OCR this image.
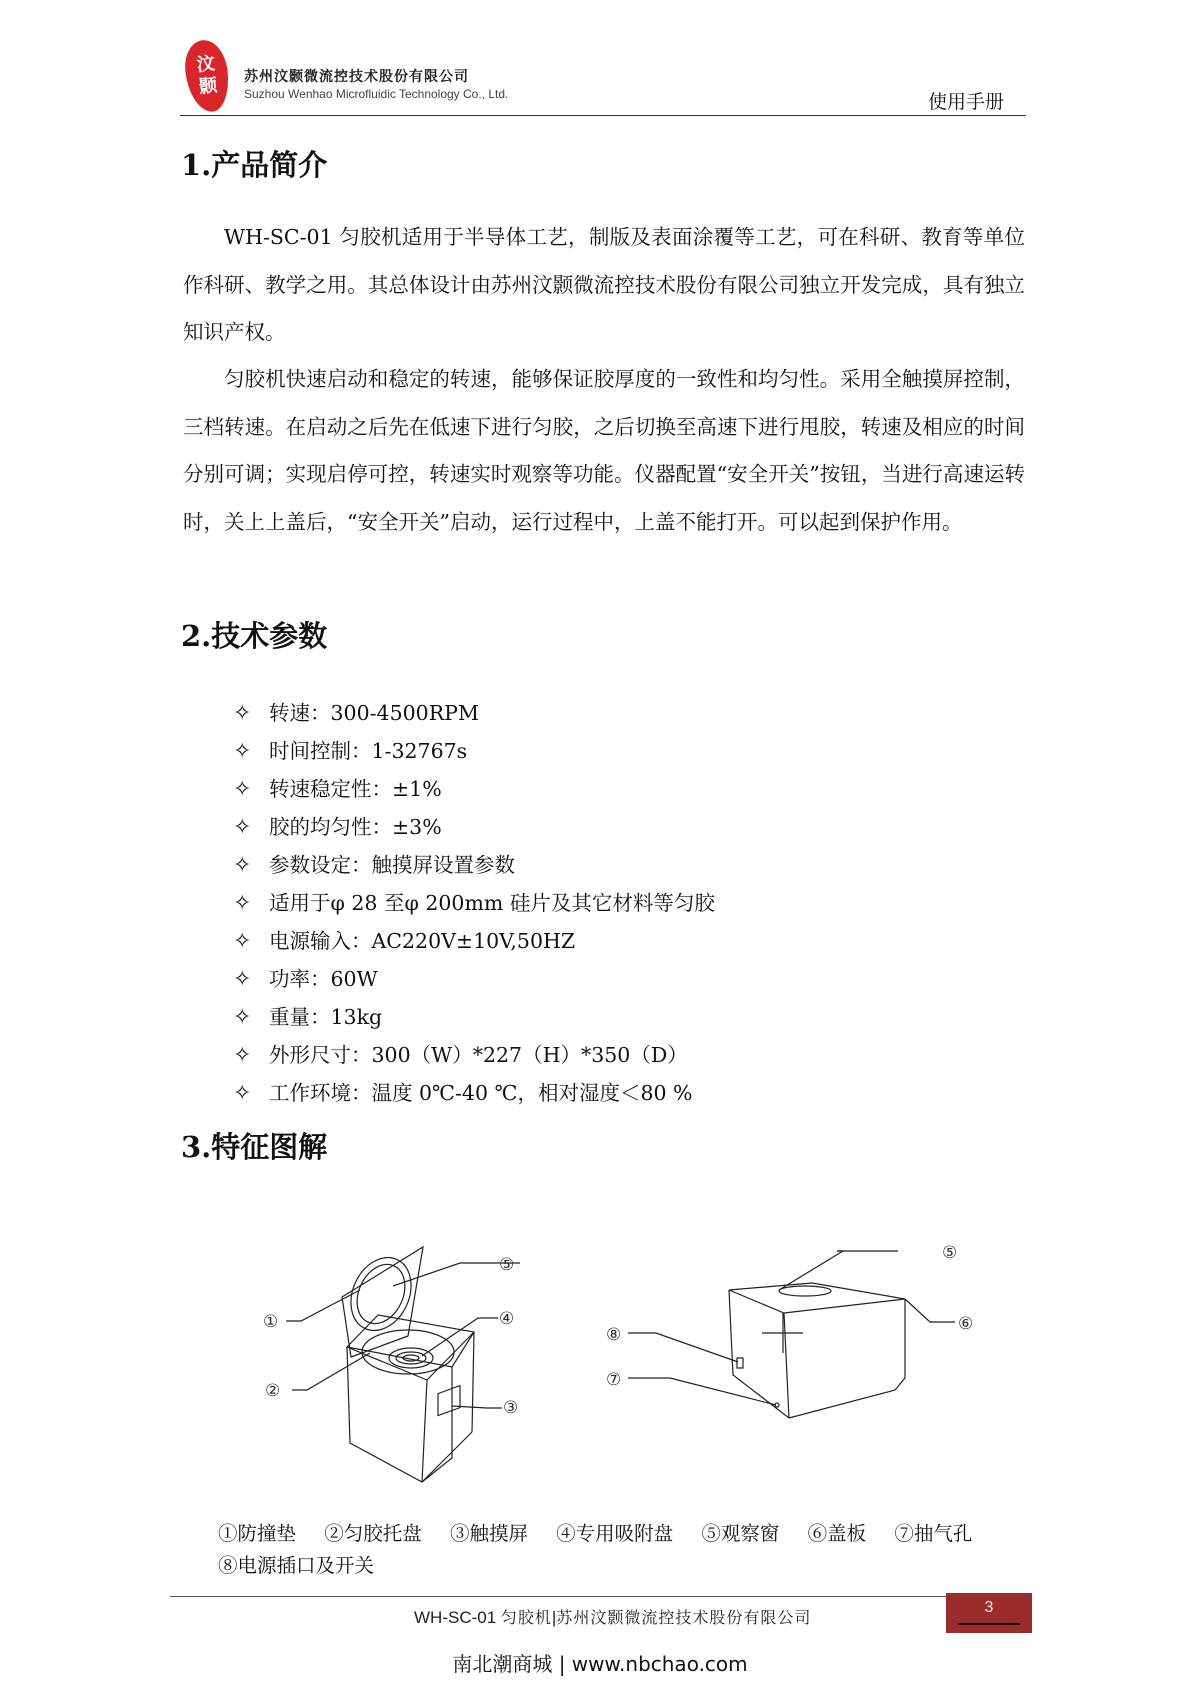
汶
颢 苏州汶颢微流控技术股份有限公司
Suzhou Wenhao Microfluidic Technology Co., Ltd.	使用手册
1.产品简介
WH-SC-01 匀胶机适用于半导体工艺，制版及表面涂覆等工艺，可在科研、教育等单位作科研、教学之用。其总体设计由苏州汶颢微流控技术股份有限公司独立开发完成，具有独立知识产权。
匀胶机快速启动和稳定的转速，能够保证胶厚度的一致性和均匀性。采用全触摸屏控制，三档转速。在启动之后先在低速下进行匀胶，之后切换至高速下进行甩胶，转速及相应的时间分别可调；实现启停可控，转速实时观察等功能。仪器配置“安全开关”按钮，当进行高速运转时，关上上盖后，“安全开关”启动，运行过程中，上盖不能打开。可以起到保护作用。
2.技术参数
✧ 转速：300-4500RPM
✧ 时间控制：1-32767s
✧ 转速稳定性：±1%
✧ 胶的均匀性：±3%
✧ 参数设定：触摸屏设置参数
✧ 适用于φ 28 至φ 200mm 硅片及其它材料等匀胶
✧ 电源输入：AC220V±10V,50HZ
✧ 功率：60W
✧ 重量：13kg
✧ 外形尺寸：300（W）*227（H）*350（D）
✧ 工作环境：温度 0℃-40 ℃，相对湿度＜80 %
3.特征图解
①
②
③
④
⑤
⑤
⑥
⑦
⑧
①防撞垫 ②匀胶托盘 ③触摸屏 ④专用吸附盘 ⑤观察窗 ⑥盖板 ⑦抽气孔
⑧电源插口及开关
WH-SC-01 匀胶机|苏州汶颢微流控技术股份有限公司
3
南北潮商城 | www.nbchao.com
